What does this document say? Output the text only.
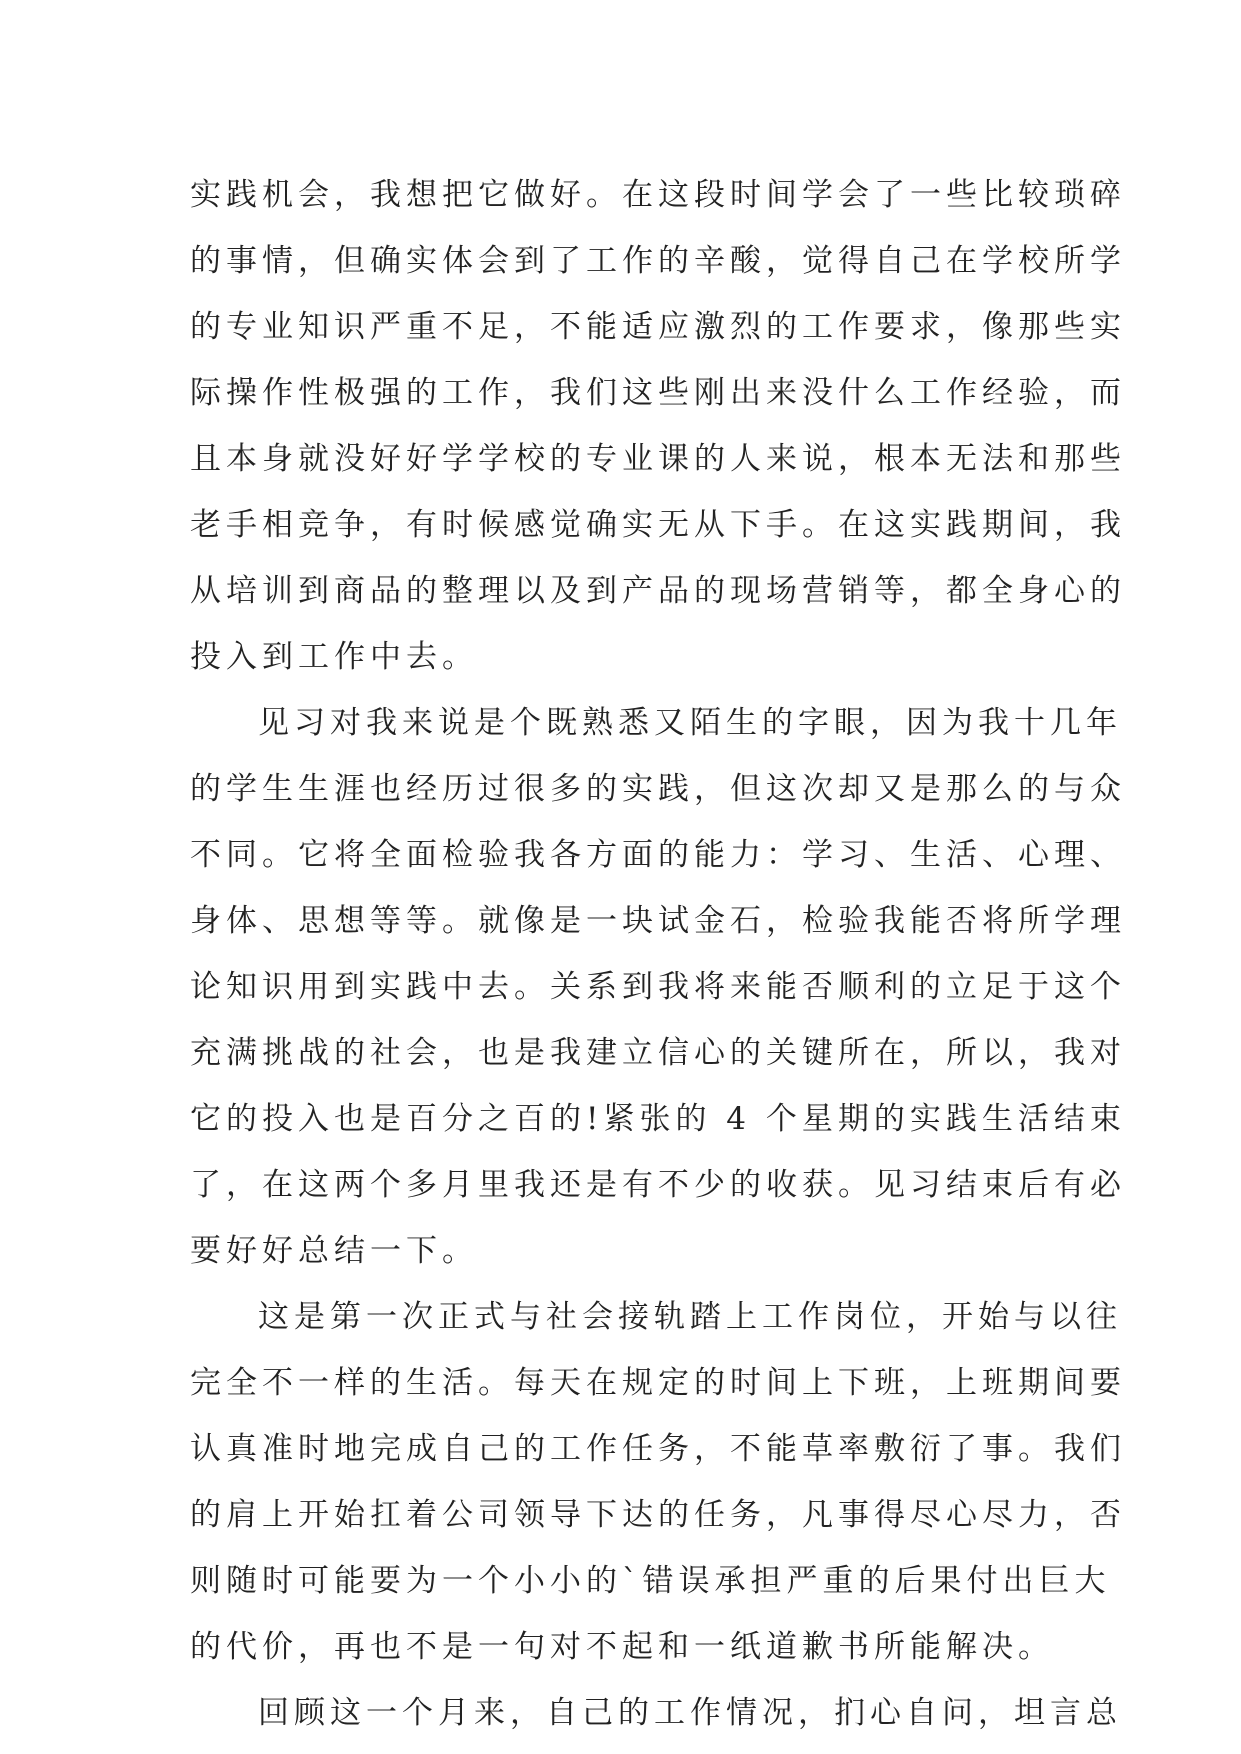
实践机会，我想把它做好。在这段时间学会了一些比较琐碎
的事情，但确实体会到了工作的辛酸，觉得自己在学校所学
的专业知识严重不足，不能适应激烈的工作要求，像那些实
际操作性极强的工作，我们这些刚出来没什么工作经验，而
且本身就没好好学学校的专业课的人来说，根本无法和那些
老手相竞争，有时候感觉确实无从下手。在这实践期间，我
从培训到商品的整理以及到产品的现场营销等，都全身心的
投入到工作中去。
见习对我来说是个既熟悉又陌生的字眼，因为我十几年
的学生生涯也经历过很多的实践，但这次却又是那么的与众
不同。它将全面检验我各方面的能力：学习、生活、心理、
身体、思想等等。就像是一块试金石，检验我能否将所学理
论知识用到实践中去。关系到我将来能否顺利的立足于这个
充满挑战的社会，也是我建立信心的关键所在，所以，我对
它的投入也是百分之百的!紧张的 4 个星期的实践生活结束
了，在这两个多月里我还是有不少的收获。见习结束后有必
要好好总结一下。
这是第一次正式与社会接轨踏上工作岗位，开始与以往
完全不一样的生活。每天在规定的时间上下班，上班期间要
认真准时地完成自己的工作任务，不能草率敷衍了事。我们
的肩上开始扛着公司领导下达的任务，凡事得尽心尽力，否
则随时可能要为一个小小的`错误承担严重的后果付出巨大
的代价，再也不是一句对不起和一纸道歉书所能解决。
回顾这一个月来，自己的工作情况，扪心自问，坦言总
